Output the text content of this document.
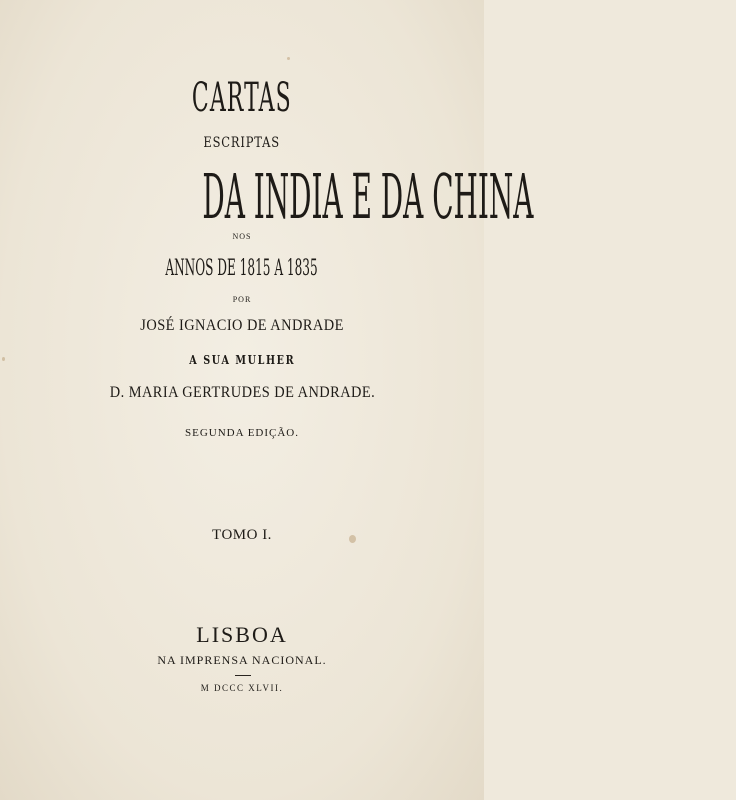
CARTAS
ESCRIPTAS
DA INDIA E DA CHINA
NOS
ANNOS DE 1815 A 1835
POR
JOSÉ IGNACIO DE ANDRADE
A SUA MULHER
D. MARIA GERTRUDES DE ANDRADE.
SEGUNDA EDIÇÃO.
TOMO I.
LISBOA
NA IMPRENSA NACIONAL.
M DCCC XLVII.
